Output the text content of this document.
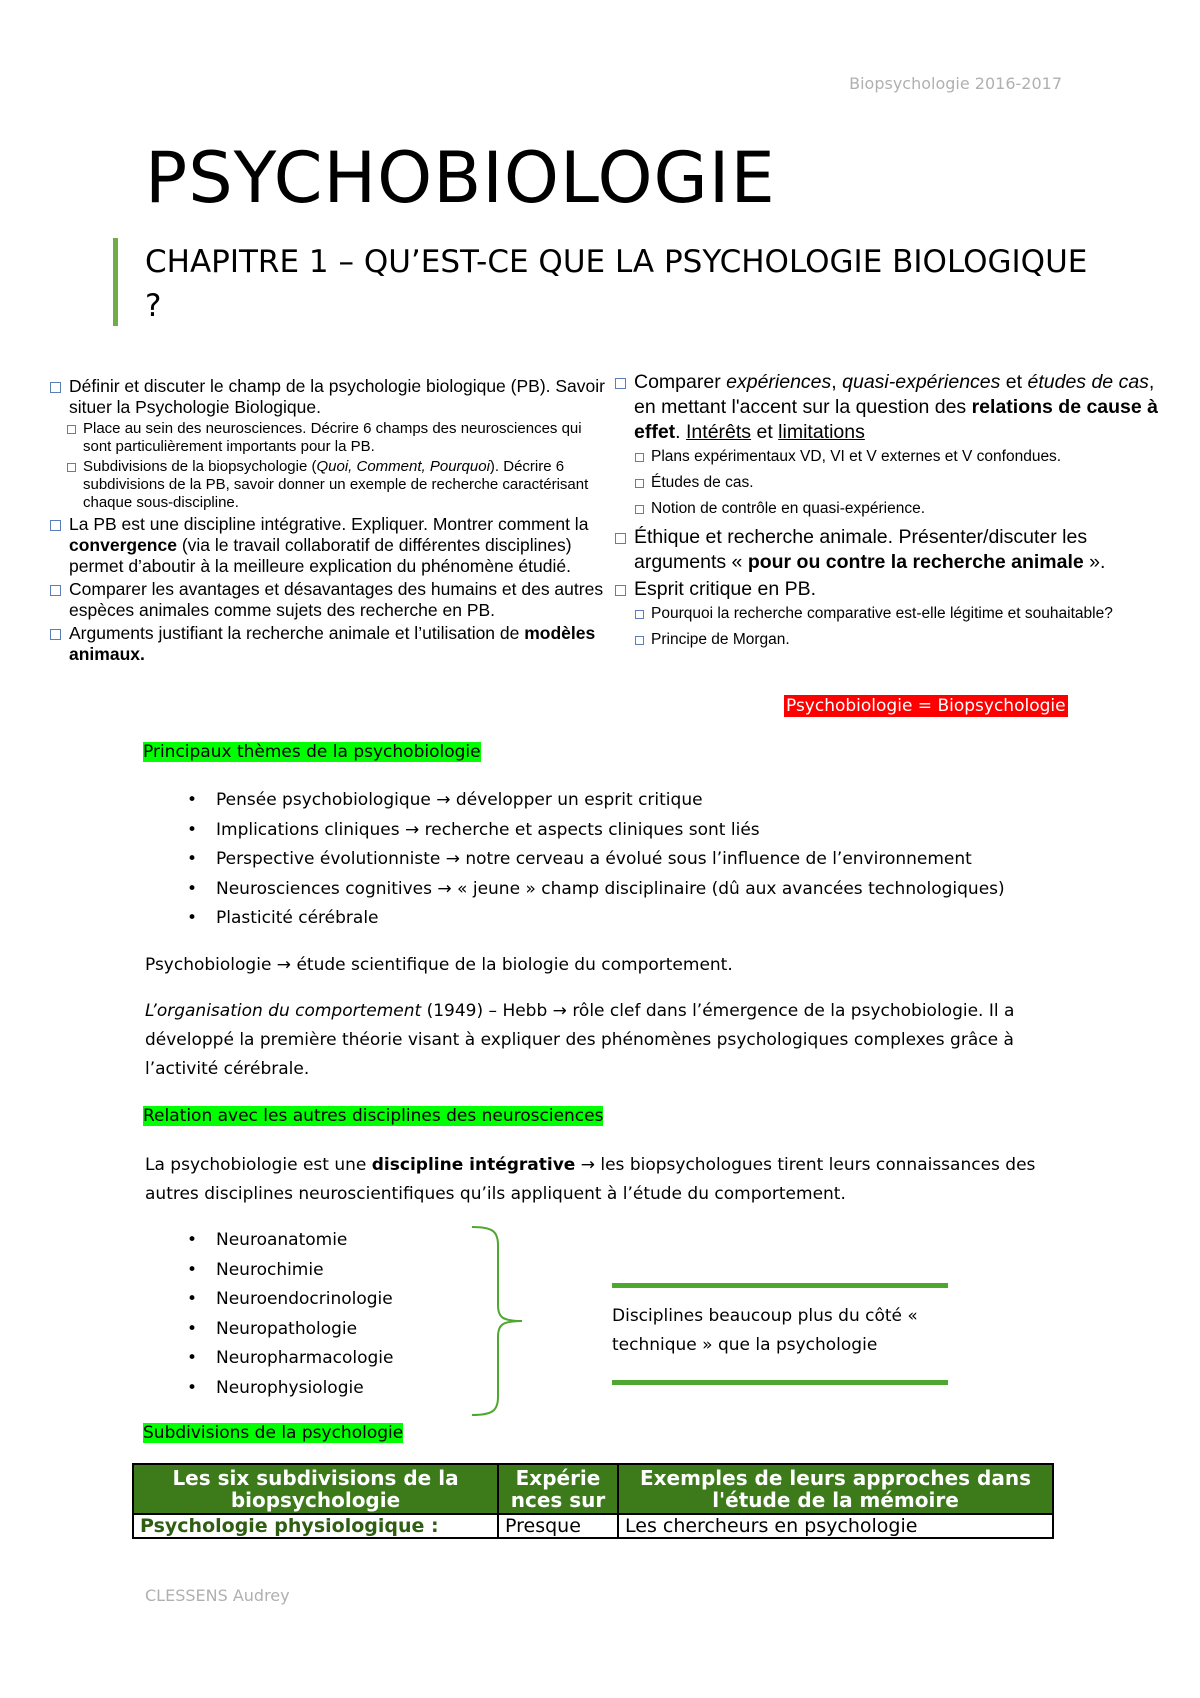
Biopsychologie 2016-2017
PSYCHOBIOLOGIE
CHAPITRE 1 – QU’EST-CE QUE LA PSYCHOLOGIE BIOLOGIQUE ?
Définir et discuter le champ de la psychologie biologique (PB). Savoir situer la Psychologie Biologique.
Place au sein des neurosciences. Décrire 6 champs des neurosciences qui sont particulièrement importants pour la PB.
Subdivisions de la biopsychologie (Quoi, Comment, Pourquoi). Décrire 6 subdivisions de la PB, savoir donner un exemple de recherche caractérisant chaque sous-discipline.
La PB est une discipline intégrative. Expliquer. Montrer comment la convergence (via le travail collaboratif de différentes disciplines) permet d’aboutir à la meilleure explication du phénomène étudié.
Comparer les avantages et désavantages des humains et des autres espèces animales comme sujets des recherche en PB.
Arguments justifiant la recherche animale et l’utilisation de modèles animaux.
Comparer expériences, quasi-expériences et études de cas, en mettant l'accent sur la question des relations de cause à effet. Intérêts et limitations
Plans expérimentaux VD, VI et V externes et V confondues.
Études de cas.
Notion de contrôle en quasi-expérience.
Éthique et recherche animale. Présenter/discuter les arguments « pour ou contre la recherche animale ».
Esprit critique en PB.
Pourquoi la recherche comparative est-elle légitime et souhaitable?
Principe de Morgan.
Psychobiologie = Biopsychologie
Principaux thèmes de la psychobiologie
• Pensée psychobiologique → développer un esprit critique
• Implications cliniques → recherche et aspects cliniques sont liés
• Perspective évolutionniste → notre cerveau a évolué sous l’influence de l’environnement
• Neurosciences cognitives → « jeune » champ disciplinaire (dû aux avancées technologiques)
• Plasticité cérébrale

Psychobiologie → étude scientifique de la biologie du comportement.

L’organisation du comportement (1949) – Hebb → rôle clef dans l’émergence de la psychobiologie. Il a développé la première théorie visant à expliquer des phénomènes psychologiques complexes grâce à l’activité cérébrale.

Relation avec les autres disciplines des neurosciences

La psychobiologie est une discipline intégrative → les biopsychologues tirent leurs connaissances des autres disciplines neuroscientifiques qu’ils appliquent à l’étude du comportement.

• Neuroanatomie
• Neurochimie
• Neuroendocrinologie
• Neuropathologie
• Neuropharmacologie
• Neurophysiologie
Disciplines beaucoup plus du côté « technique » que la psychologie
Subdivisions de la psychologie
Les six subdivisions de la biopsychologie	Expérie nces sur	Exemples de leurs approches dans l'étude de la mémoire
Psychologie physiologique :	Presque	Les chercheurs en psychologie
CLESSENS Audrey
